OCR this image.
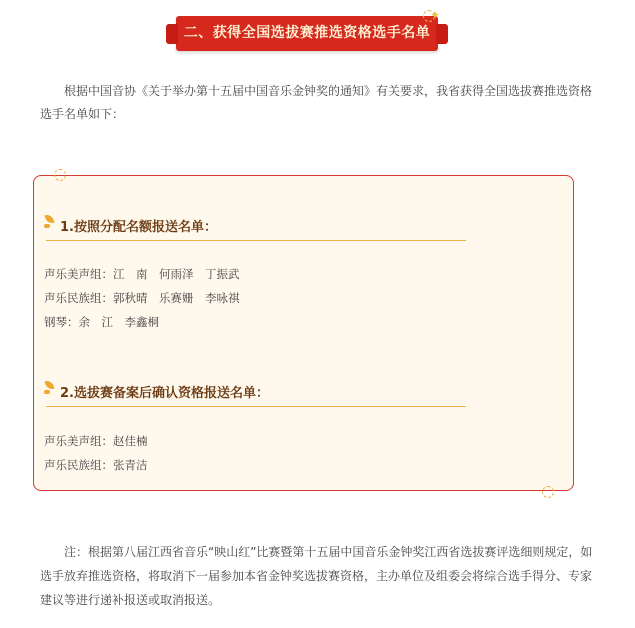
二、获得全国选拔赛推选资格选手名单
✦

根据中国音协《关于举办第十五届中国音乐金钟奖的通知》有关要求，我省获得全国选拔赛推选资格选手名单如下：

1.按照分配名额报送名单：
声乐美声组：江　南　何雨泽　丁振武
声乐民族组：郭秋晴　乐赛姗　李咏祺
钢琴：余　江　李鑫桐
2.选拔赛备案后确认资格报送名单：
声乐美声组：赵佳楠
声乐民族组：张青洁

注：根据第八届江西省音乐“映山红”比赛暨第十五届中国音乐金钟奖江西省选拔赛评选细则规定，如选手放弃推选资格，将取消下一届参加本省金钟奖选拔赛资格，主办单位及组委会将综合选手得分、专家建议等进行递补报送或取消报送。
